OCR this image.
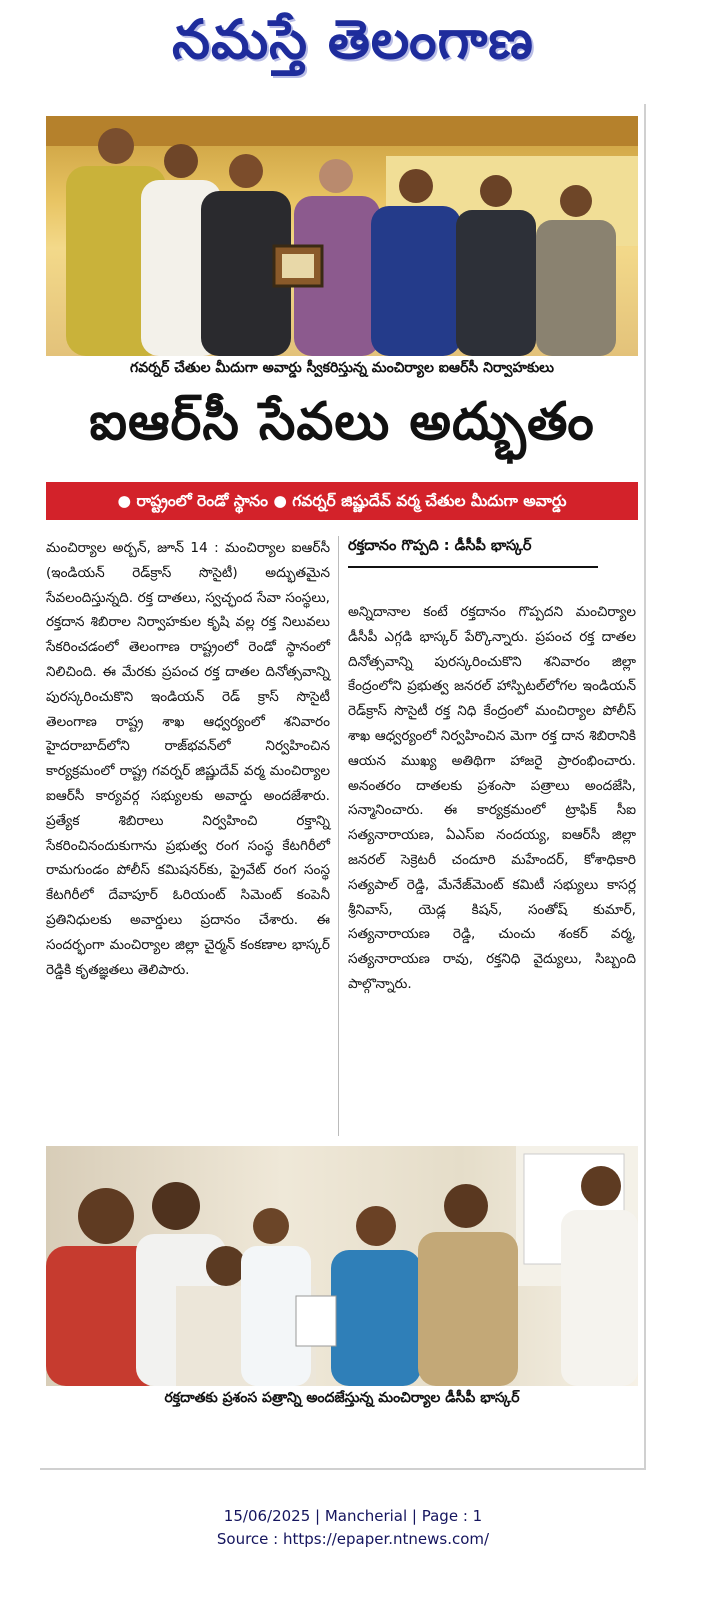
నమస్తే తెలంగాణ
గవర్నర్ చేతుల మీదుగా అవార్డు స్వీకరిస్తున్న మంచిర్యాల ఐఆర్‌సీ నిర్వాహకులు
ఐఆర్‌సీ సేవలు అద్భుతం
● రాష్ట్రంలో రెండో స్థానం ● గవర్నర్ జిష్ణుదేవ్ వర్మ చేతుల మీదుగా అవార్డు

మంచిర్యాల అర్బన్, జూన్ 14 : మంచిర్యాల ఐఆర్‌సీ (ఇండియన్ రెడ్‌క్రాస్ సొసైటీ) అద్భుతమైన సేవలందిస్తున్నది. రక్త దాతలు, స్వచ్ఛంద సేవా సంస్థలు, రక్తదాన శిబిరాల నిర్వాహకుల కృషి వల్ల రక్త నిలువలు సేకరించడంలో తెలంగాణ రాష్ట్రంలో రెండో స్థానంలో నిలిచింది. ఈ మేరకు ప్రపంచ రక్త దాతల దినోత్సవాన్ని పురస్కరించుకొని ఇండియన్ రెడ్ క్రాస్ సొసైటీ తెలంగాణ రాష్ట్ర శాఖ ఆధ్వర్యంలో శనివారం హైదరాబాద్‌లోని రాజ్‌భవన్‌లో నిర్వహించిన కార్యక్రమంలో రాష్ట్ర గవర్నర్ జిష్ణుదేవ్ వర్మ మంచిర్యాల ఐఆర్‌సీ కార్యవర్గ సభ్యులకు అవార్డు అందజేశారు. ప్రత్యేక శిబిరాలు నిర్వహించి రక్తాన్ని సేకరించినందుకుగాను ప్రభుత్వ రంగ సంస్థ కేటగిరీలో రామగుండం పోలీస్ కమిషనర్‌కు, ప్రైవేట్ రంగ సంస్థ కేటగిరీలో దేవాపూర్ ఓరియంట్ సిమెంట్ కంపెనీ ప్రతినిధులకు అవార్డులు ప్రదానం చేశారు. ఈ సందర్భంగా మంచిర్యాల జిల్లా చైర్మన్ కంకణాల భాస్కర్ రెడ్డికి కృతజ్ఞతలు తెలిపారు.

రక్తదానం గొప్పది : డీసీపీ భాస్కర్

అన్నిదానాల కంటే రక్తదానం గొప్పదని మంచిర్యాల డీసీపీ ఎగ్గడి భాస్కర్ పేర్కొన్నారు. ప్రపంచ రక్త దాతల దినోత్సవాన్ని పురస్కరించుకొని శనివారం జిల్లా కేంద్రంలోని ప్రభుత్వ జనరల్ హాస్పిటల్‌లోగల ఇండియన్ రెడ్‌క్రాస్ సొసైటీ రక్త నిధి కేంద్రంలో మంచిర్యాల పోలీస్ శాఖ ఆధ్వర్యంలో నిర్వహించిన మెగా రక్త దాన శిబిరానికి ఆయన ముఖ్య అతిథిగా హాజరై ప్రారంభించారు. అనంతరం దాతలకు ప్రశంసా పత్రాలు అందజేసి, సన్మానించారు. ఈ కార్యక్రమంలో ట్రాఫిక్ సీఐ సత్యనారాయణ, ఏఎస్‌ఐ నందయ్య, ఐఆర్‌సీ జిల్లా జనరల్ సెక్రెటరీ చందూరి మహేందర్, కోశాధికారి సత్యపాల్ రెడ్డి, మేనేజ్‌మెంట్ కమిటీ సభ్యులు కాసర్ల శ్రీనివాస్, యెడ్ల కిషన్, సంతోష్ కుమార్, సత్యనారాయణ రెడ్డి, చుంచు శంకర్ వర్మ, సత్యనారాయణ రావు, రక్తనిధి వైద్యులు, సిబ్బంది పాల్గొన్నారు.

రక్తదాతకు ప్రశంస పత్రాన్ని అందజేస్తున్న మంచిర్యాల డీసీపీ భాస్కర్
15/06/2025 | Mancherial | Page : 1
Source : https://epaper.ntnews.com/
